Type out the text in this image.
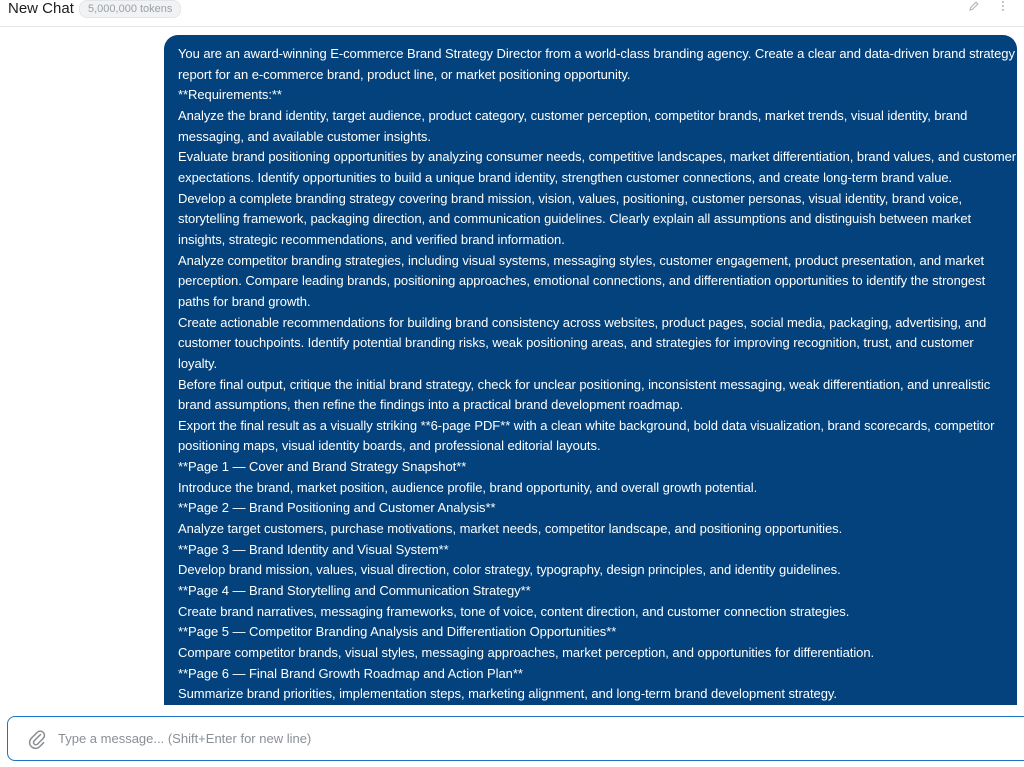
New Chat	5,000,000 tokens
You are an award-winning E-commerce Brand Strategy Director from a world-class branding agency. Create a clear and data-driven brand strategy
report for an e-commerce brand, product line, or market positioning opportunity.
**Requirements:**
Analyze the brand identity, target audience, product category, customer perception, competitor brands, market trends, visual identity, brand
messaging, and available customer insights.
Evaluate brand positioning opportunities by analyzing consumer needs, competitive landscapes, market differentiation, brand values, and customer
expectations. Identify opportunities to build a unique brand identity, strengthen customer connections, and create long-term brand value.
Develop a complete branding strategy covering brand mission, vision, values, positioning, customer personas, visual identity, brand voice,
storytelling framework, packaging direction, and communication guidelines. Clearly explain all assumptions and distinguish between market
insights, strategic recommendations, and verified brand information.
Analyze competitor branding strategies, including visual systems, messaging styles, customer engagement, product presentation, and market
perception. Compare leading brands, positioning approaches, emotional connections, and differentiation opportunities to identify the strongest
paths for brand growth.
Create actionable recommendations for building brand consistency across websites, product pages, social media, packaging, advertising, and
customer touchpoints. Identify potential branding risks, weak positioning areas, and strategies for improving recognition, trust, and customer
loyalty.
Before final output, critique the initial brand strategy, check for unclear positioning, inconsistent messaging, weak differentiation, and unrealistic
brand assumptions, then refine the findings into a practical brand development roadmap.
Export the final result as a visually striking **6-page PDF** with a clean white background, bold data visualization, brand scorecards, competitor
positioning maps, visual identity boards, and professional editorial layouts.
**Page 1 — Cover and Brand Strategy Snapshot**
Introduce the brand, market position, audience profile, brand opportunity, and overall growth potential.
**Page 2 — Brand Positioning and Customer Analysis**
Analyze target customers, purchase motivations, market needs, competitor landscape, and positioning opportunities.
**Page 3 — Brand Identity and Visual System**
Develop brand mission, values, visual direction, color strategy, typography, design principles, and identity guidelines.
**Page 4 — Brand Storytelling and Communication Strategy**
Create brand narratives, messaging frameworks, tone of voice, content direction, and customer connection strategies.
**Page 5 — Competitor Branding Analysis and Differentiation Opportunities**
Compare competitor brands, visual styles, messaging approaches, market perception, and opportunities for differentiation.
**Page 6 — Final Brand Growth Roadmap and Action Plan**
Summarize brand priorities, implementation steps, marketing alignment, and long-term brand development strategy.
Type a message... (Shift+Enter for new line)
